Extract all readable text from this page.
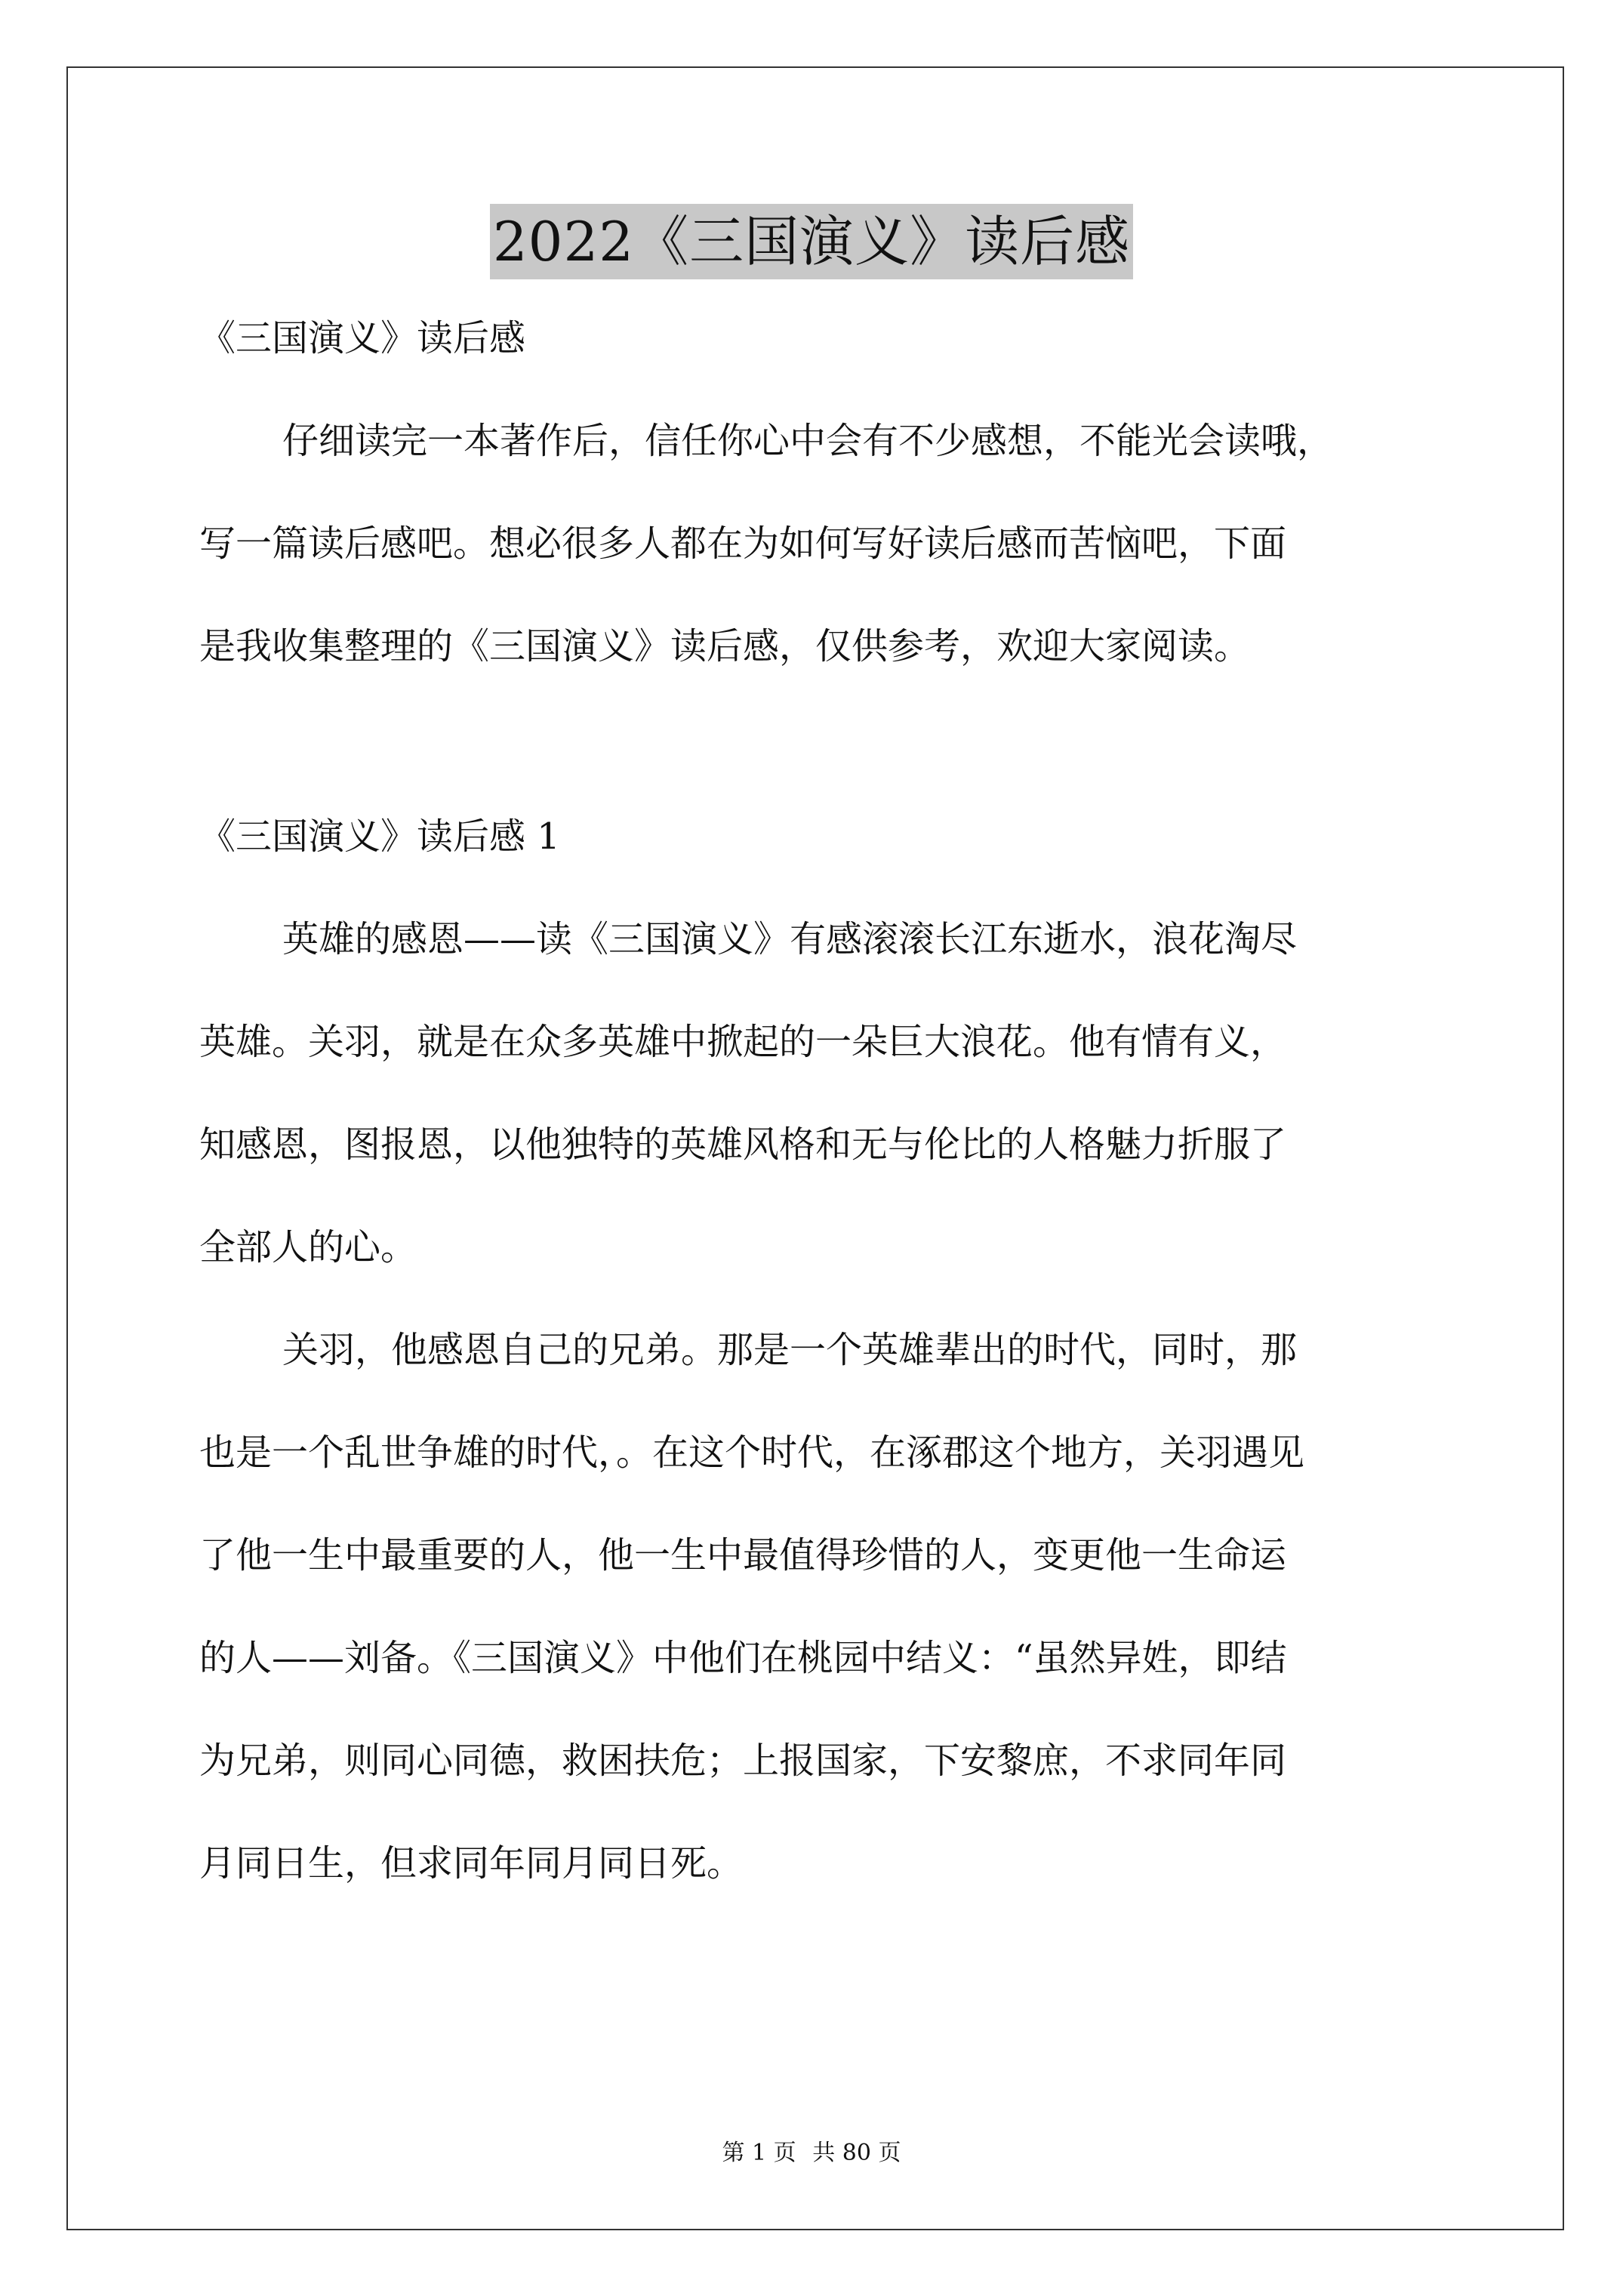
2022《三国演义》读后感
《三国演义》读后感
仔细读完一本著作后，信任你心中会有不少感想，不能光会读哦，
写一篇读后感吧。想必很多人都在为如何写好读后感而苦恼吧，下面
是我收集整理的《三国演义》读后感，仅供参考，欢迎大家阅读。
《三国演义》读后感 1
英雄的感恩——读《三国演义》有感滚滚长江东逝水，浪花淘尽
英雄。关羽，就是在众多英雄中掀起的一朵巨大浪花。他有情有义，
知感恩，图报恩，以他独特的英雄风格和无与伦比的人格魅力折服了
全部人的心。
关羽，他感恩自己的兄弟。那是一个英雄辈出的时代，同时，那
也是一个乱世争雄的时代，。在这个时代，在涿郡这个地方，关羽遇见
了他一生中最重要的人，他一生中最值得珍惜的人，变更他一生命运
的人——刘备。《三国演义》中他们在桃园中结义：“虽然异姓，即结
为兄弟，则同心同德，救困扶危；上报国家，下安黎庶，不求同年同
月同日生，但求同年同月同日死。
第 1 页 共 80 页
